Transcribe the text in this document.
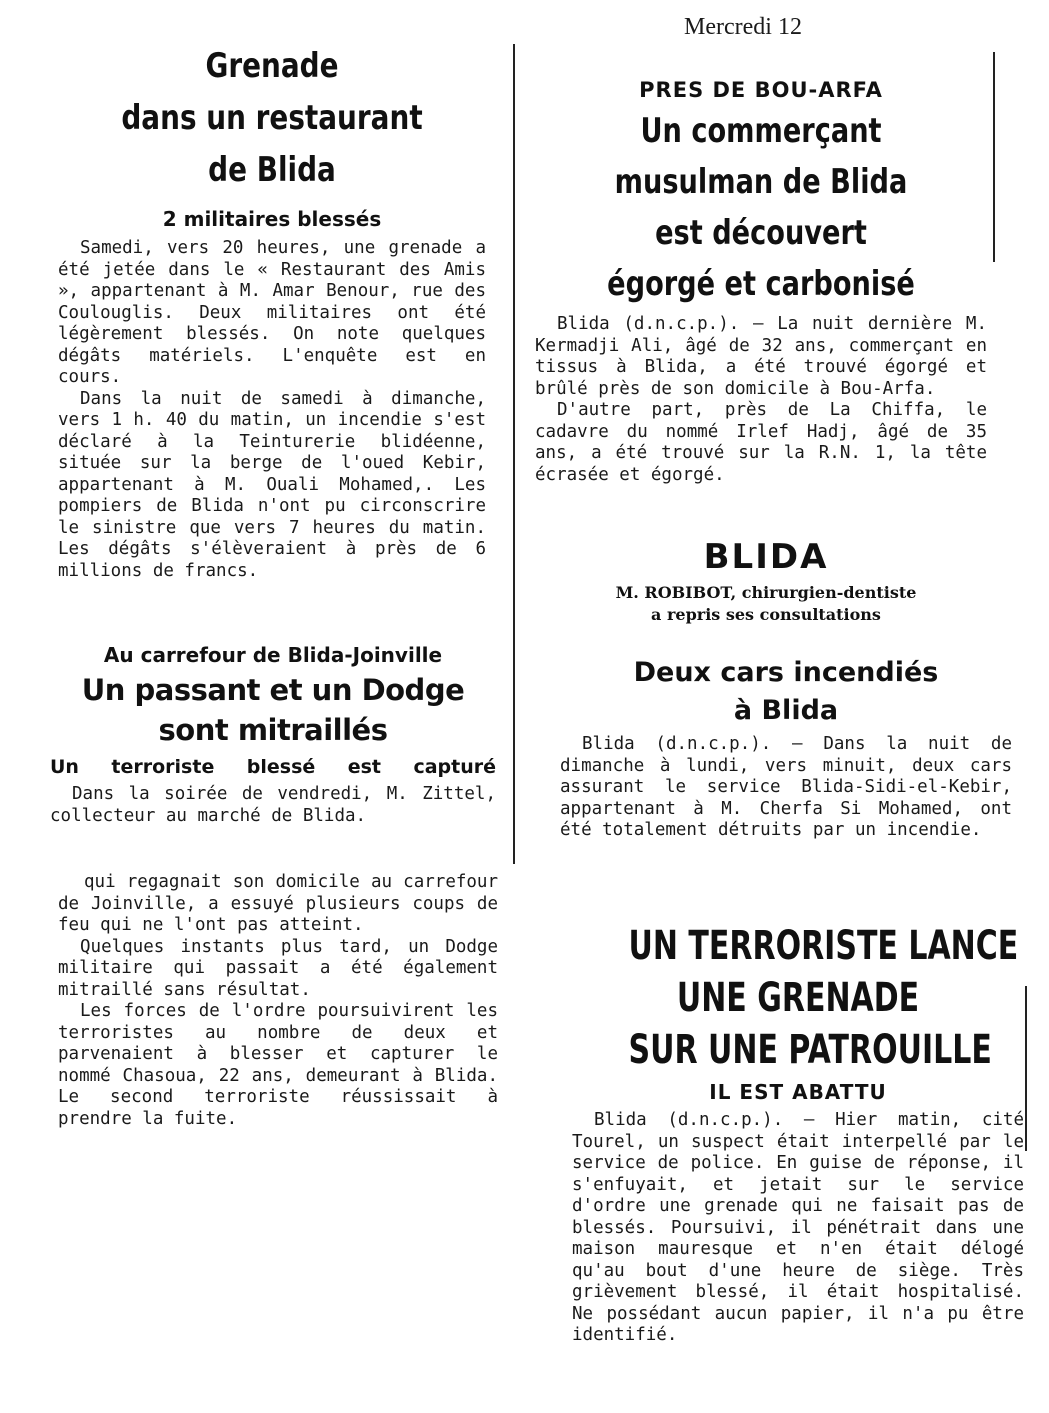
Mercredi 12
Grenade
dans un restaurant
de Blida
2 militaires blessés

Samedi, vers 20 heures, une grenade a été jetée dans le « Restaurant des Amis », appartenant à M. Amar Benour, rue des Coulouglis. Deux militaires ont été légèrement blessés. On note quelques dégâts matériels. L'enquête est en cours.

Dans la nuit de samedi à dimanche, vers 1 h. 40 du matin, un incendie s'est déclaré à la Teinturerie blidéenne, située sur la berge de l'oued Kebir, appartenant à M. Ouali Mohamed,. Les pompiers de Blida n'ont pu circonscrire le sinistre que vers 7 heures du matin. Les dégâts s'élèveraient à près de 6 millions de francs.

Au carrefour de Blida-Joinville
Un passant et un Dodge
sont mitraillés
Un terroriste blessé est capturé

Dans la soirée de vendredi, M. Zittel, collecteur au marché de Blida.

qui regagnait son domicile au carrefour de Joinville, a essuyé plusieurs coups de feu qui ne l'ont pas atteint.

Quelques instants plus tard, un Dodge militaire qui passait a été également mitraillé sans résultat.

Les forces de l'ordre poursuivirent les terroristes au nombre de deux et parvenaient à blesser et capturer le nommé Chasoua, 22 ans, demeurant à Blida. Le second terroriste réussissait à prendre la fuite.

PRES DE BOU-ARFA
Un commerçant
musulman de Blida
est découvert
égorgé et carbonisé

Blida (d.n.c.p.). — La nuit dernière M. Kermadji Ali, âgé de 32 ans, commerçant en tissus à Blida, a été trouvé égorgé et brûlé près de son domicile à Bou-Arfa.

D'autre part, près de La Chiffa, le cadavre du nommé Irlef Hadj, âgé de 35 ans, a été trouvé sur la R.N. 1, la tête écrasée et égorgé.

BLIDA
M. ROBIBOT, chirurgien-dentiste
a repris ses consultations
Deux cars incendiés
à Blida

Blida (d.n.c.p.). — Dans la nuit de dimanche à lundi, vers minuit, deux cars assurant le service Blida-Sidi-el-Kebir, appartenant à M. Cherfa Si Mohamed, ont été totalement détruits par un incendie.

UN TERRORISTE LANCE
UNE GRENADE
SUR UNE PATROUILLE
IL EST ABATTU

Blida (d.n.c.p.). — Hier matin, cité Tourel, un suspect était interpellé par le service de police. En guise de réponse, il s'enfuyait, et jetait sur le service d'ordre une grenade qui ne faisait pas de blessés. Poursuivi, il pénétrait dans une maison mauresque et n'en était délogé qu'au bout d'une heure de siège. Très grièvement blessé, il était hospitalisé. Ne possédant aucun papier, il n'a pu être identifié.
